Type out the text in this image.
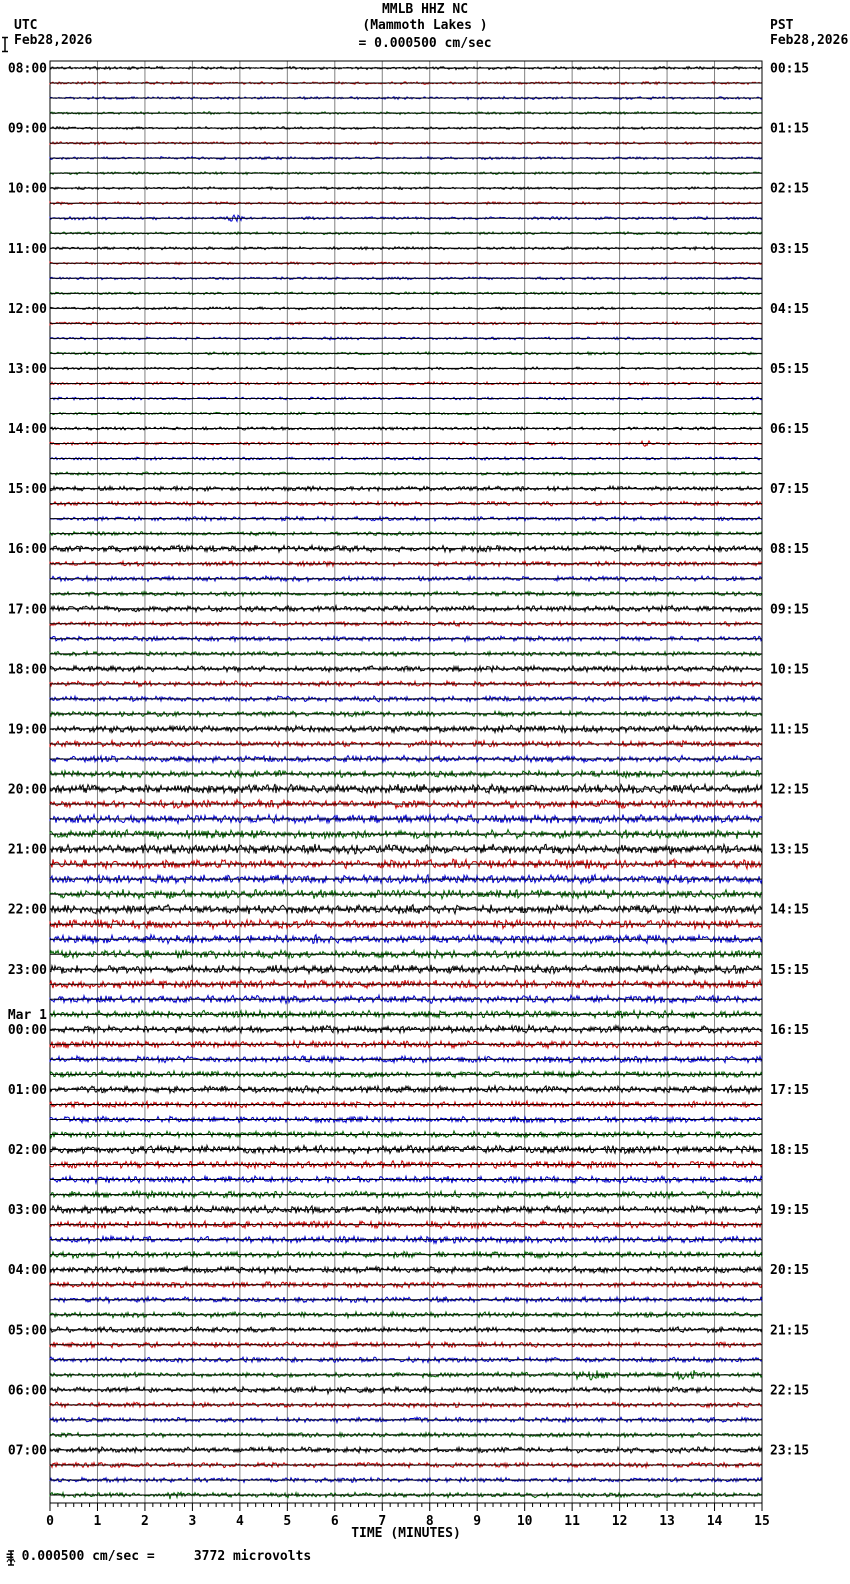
MMLB HHZ NC
(Mammoth Lakes )
= 0.000500 cm/sec
UTC
Feb28,2026
PST
Feb28,2026
0	1	2	3	4	5	6	7	8	9	10 11 12 13 14 15
08:00
09:00
10:00
11:00
12:00
13:00
14:00
15:00
16:00
17:00
18:00
19:00
20:00
21:00
22:00
23:00
Mar 1
00:00
01:00
02:00
03:00
04:00
05:00
06:00
07:00
00:15
01:15
02:15
03:15
04:15
05:15
06:15
07:15
08:15
09:15
10:15
11:15
12:15
13:15
14:15
15:15
16:15
17:15
18:15
19:15
20:15
21:15
22:15
23:15
TIME (MINUTES)
= 0.000500 cm/sec =     3772 microvolts
